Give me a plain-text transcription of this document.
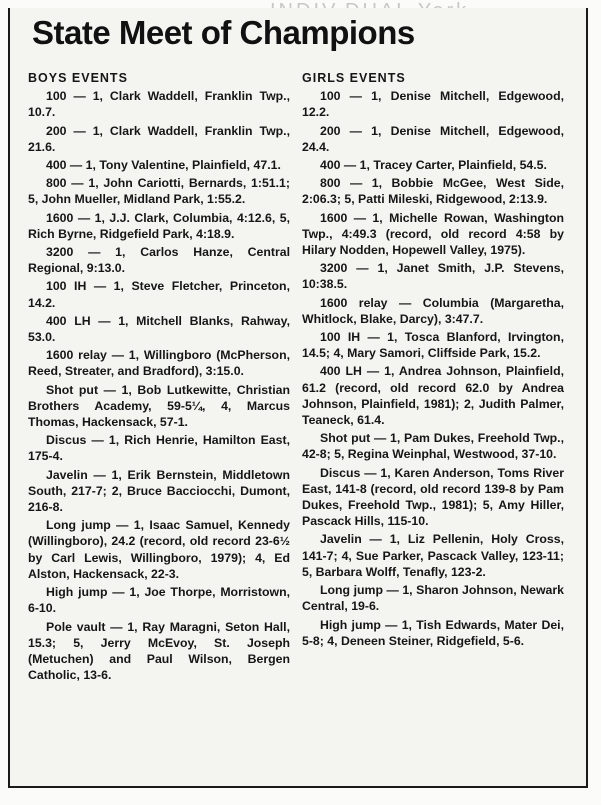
State Meet of Champions
BOYS EVENTS

100 — 1, Clark Waddell, Franklin Twp., 10.7.

200 — 1, Clark Waddell, Franklin Twp., 21.6.

400 — 1, Tony Valentine, Plainfield, 47.1.

800 — 1, John Cariotti, Bernards, 1:51.1; 5, John Mueller, Midland Park, 1:55.2.

1600 — 1, J.J. Clark, Columbia, 4:12.6, 5, Rich Byrne, Ridgefield Park, 4:18.9.

3200 — 1, Carlos Hanze, Central Regional, 9:13.0.

100 IH — 1, Steve Fletcher, Princeton, 14.2.

400 LH — 1, Mitchell Blanks, Rahway, 53.0.

1600 relay — 1, Willingboro (McPherson, Reed, Streater, and Bradford), 3:15.0.

Shot put — 1, Bob Lutkewitte, Christian Brothers Academy, 59-5¼, 4, Marcus Thomas, Hackensack, 57-1.

Discus — 1, Rich Henrie, Hamilton East, 175-4.

Javelin — 1, Erik Bernstein, Middletown South, 217-7; 2, Bruce Bacciocchi, Dumont, 216-8.

Long jump — 1, Isaac Samuel, Kennedy (Willingboro), 24.2 (record, old record 23-6½ by Carl Lewis, Willingboro, 1979); 4, Ed Alston, Hackensack, 22-3.

High jump — 1, Joe Thorpe, Morristown, 6-10.

Pole vault — 1, Ray Maragni, Seton Hall, 15.3; 5, Jerry McEvoy, St. Joseph (Metuchen) and Paul Wilson, Bergen Catholic, 13-6.

GIRLS EVENTS

100 — 1, Denise Mitchell, Edgewood, 12.2.

200 — 1, Denise Mitchell, Edgewood, 24.4.

400 — 1, Tracey Carter, Plainfield, 54.5.

800 — 1, Bobbie McGee, West Side, 2:06.3; 5, Patti Mileski, Ridgewood, 2:13.9.

1600 — 1, Michelle Rowan, Washington Twp., 4:49.3 (record, old record 4:58 by Hilary Nodden, Hopewell Valley, 1975).

3200 — 1, Janet Smith, J.P. Stevens, 10:38.5.

1600 relay — Columbia (Margaretha, Whitlock, Blake, Darcy), 3:47.7.

100 IH — 1, Tosca Blanford, Irvington, 14.5; 4, Mary Samori, Cliffside Park, 15.2.

400 LH — 1, Andrea Johnson, Plainfield, 61.2 (record, old record 62.0 by Andrea Johnson, Plainfield, 1981); 2, Judith Palmer, Teaneck, 61.4.

Shot put — 1, Pam Dukes, Freehold Twp., 42-8; 5, Regina Weinphal, Westwood, 37-10.

Discus — 1, Karen Anderson, Toms River East, 141-8 (record, old record 139-8 by Pam Dukes, Freehold Twp., 1981); 5, Amy Hiller, Pascack Hills, 115-10.

Javelin — 1, Liz Pellenin, Holy Cross, 141-7; 4, Sue Parker, Pascack Valley, 123-11; 5, Barbara Wolff, Tenafly, 123-2.

Long jump — 1, Sharon Johnson, Newark Central, 19-6.

High jump — 1, Tish Edwards, Mater Dei, 5-8; 4, Deneen Steiner, Ridgefield, 5-6.
